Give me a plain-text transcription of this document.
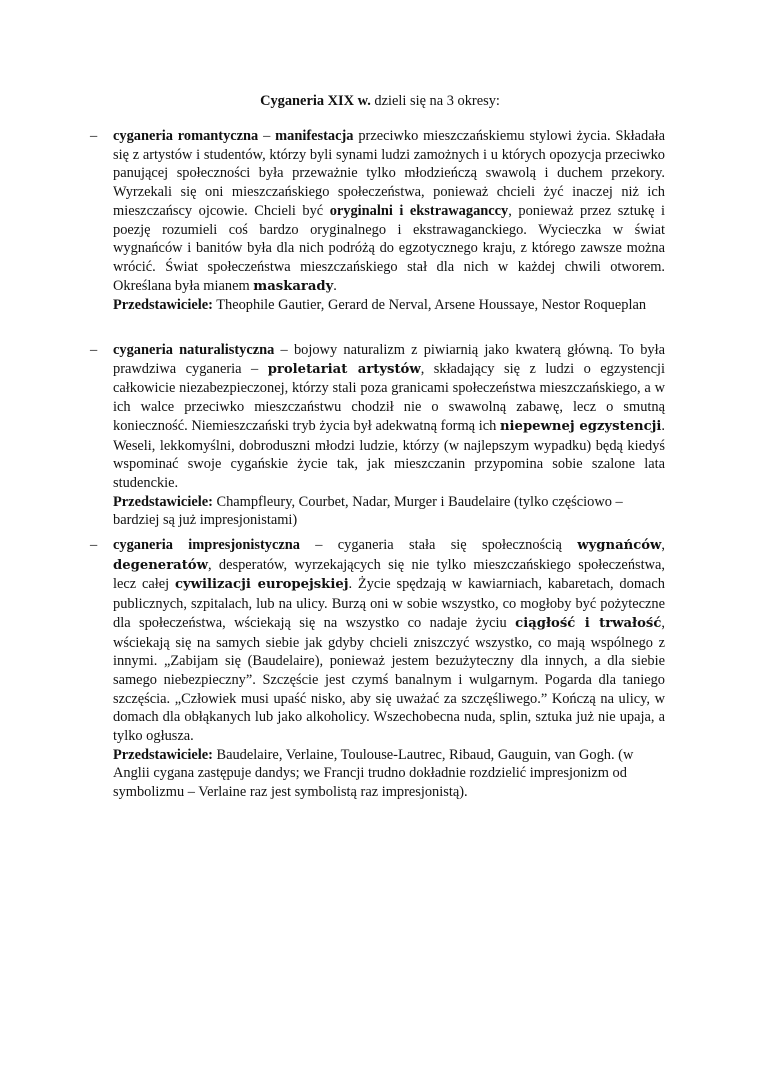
Cyganeria XIX w. dzieli się na 3 okresy:
– cyganeria romantyczna – manifestacja przeciwko mieszczańskiemu stylowi życia. Składała się z artystów i studentów, którzy byli synami ludzi zamożnych i u których opozycja przeciwko panującej społeczności była przeważnie tylko młodzieńczą swawolą i duchem przekory. Wyrzekali się oni mieszczańskiego społeczeństwa, ponieważ chcieli żyć inaczej niż ich mieszczańscy ojcowie. Chcieli być oryginalni i ekstrawaganccy, ponieważ przez sztukę i poezję rozumieli coś bardzo oryginalnego i ekstrawaganckiego. Wycieczka w świat wygnańców i banitów była dla nich podróżą do egzotycznego kraju, z którego zawsze można wrócić. Świat społeczeństwa mieszczańskiego stał dla nich w każdej chwili otworem. Określana była mianem maskarady.

Przedstawiciele: Theophile Gautier, Gerard de Nerval, Arsene Houssaye, Nestor Roqueplan

– cyganeria naturalistyczna – bojowy naturalizm z piwiarnią jako kwaterą główną. To była prawdziwa cyganeria – proletariat artystów, składający się z ludzi o egzystencji całkowicie niezabezpieczonej, którzy stali poza granicami społeczeństwa mieszczańskiego, a w ich walce przeciwko mieszczaństwu chodził nie o swawolną zabawę, lecz o smutną konieczność. Niemieszczański tryb życia był adekwatną formą ich niepewnej egzystencji. Weseli, lekkomyślni, dobroduszni młodzi ludzie, którzy (w najlepszym wypadku) będą kiedyś wspominać swoje cygańskie życie tak, jak mieszczanin przypomina sobie szalone lata studenckie.

Przedstawiciele: Champfleury, Courbet, Nadar, Murger i Baudelaire (tylko częściowo – bardziej są już impresjonistami)

– cyganeria impresjonistyczna – cyganeria stała się społecznością wygnańców, degeneratów, desperatów, wyrzekających się nie tylko mieszczańskiego społeczeństwa, lecz całej cywilizacji europejskiej. Życie spędzają w kawiarniach, kabaretach, domach publicznych, szpitalach, lub na ulicy. Burzą oni w sobie wszystko, co mogłoby być pożyteczne dla społeczeństwa, wściekają się na wszystko co nadaje życiu ciągłość i trwałość, wściekają się na samych siebie jak gdyby chcieli zniszczyć wszystko, co mają wspólnego z innymi. „Zabijam się (Baudelaire), ponieważ jestem bezużyteczny dla innych, a dla siebie samego niebezpieczny”. Szczęście jest czymś banalnym i wulgarnym. Pogarda dla taniego szczęścia. „Człowiek musi upaść nisko, aby się uważać za szczęśliwego.” Kończą na ulicy, w domach dla obłąkanych lub jako alkoholicy. Wszechobecna nuda, splin, sztuka już nie upaja, a tylko ogłusza.

Przedstawiciele: Baudelaire, Verlaine, Toulouse-Lautrec, Ribaud, Gauguin, van Gogh. (w Anglii cygana zastępuje dandys; we Francji trudno dokładnie rozdzielić impresjonizm od symbolizmu – Verlaine raz jest symbolistą raz impresjonistą).
